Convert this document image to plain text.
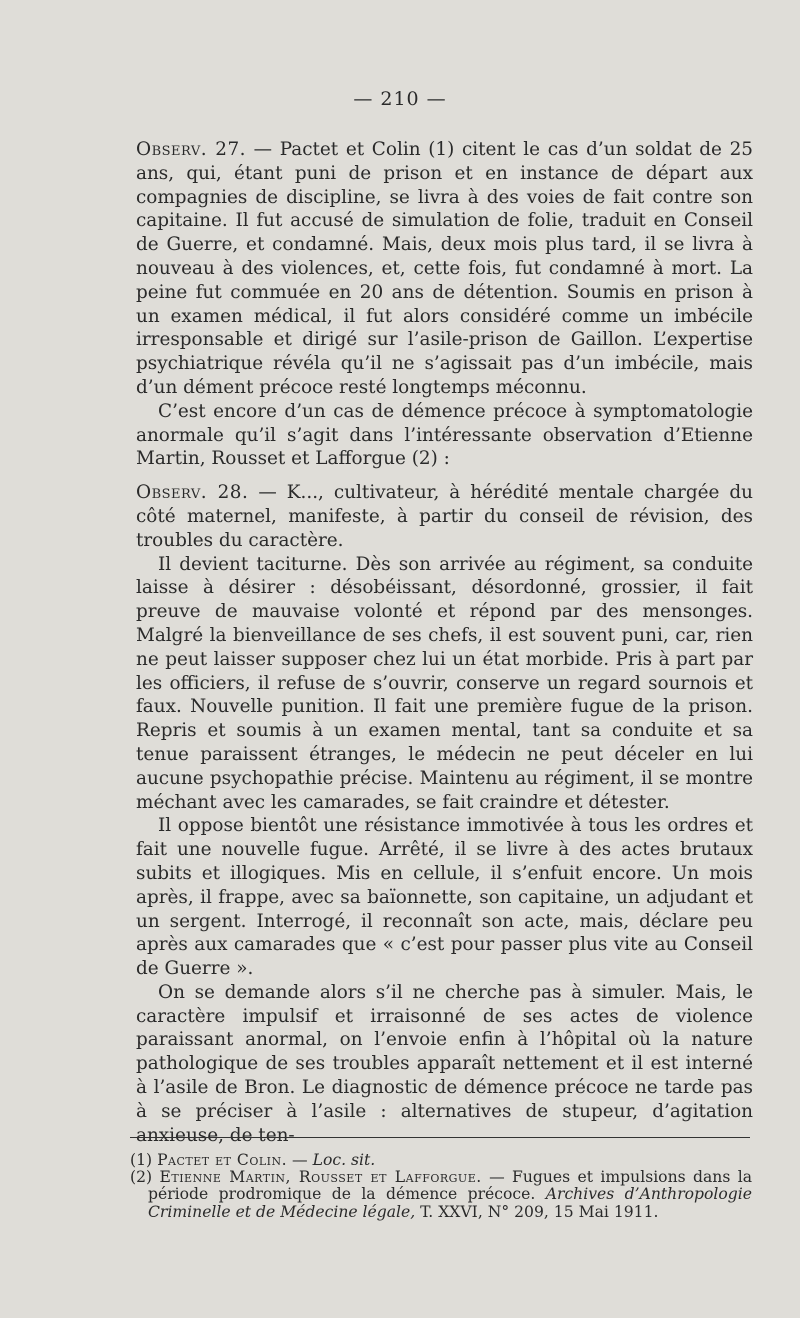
— 210 —

Observ. 27. — Pactet et Colin (1) citent le cas d’un soldat de 25 ans, qui, étant puni de prison et en instance de départ aux compagnies de discipline, se livra à des voies de fait contre son capitaine. Il fut accusé de simulation de folie, traduit en Conseil de Guerre, et condamné. Mais, deux mois plus tard, il se livra à nouveau à des violences, et, cette fois, fut condamné à mort. La peine fut commuée en 20 ans de détention. Soumis en prison à un examen médical, il fut alors considéré comme un imbécile irresponsable et dirigé sur l’asile-prison de Gaillon. L’expertise psychiatrique révéla qu’il ne s’agissait pas d’un imbécile, mais d’un dément précoce resté longtemps méconnu.

C’est encore d’un cas de démence précoce à symptomatologie anormale qu’il s’agit dans l’intéressante observation d’Etienne Martin, Rousset et Lafforgue (2) :

Observ. 28. — K..., cultivateur, à hérédité mentale chargée du côté maternel, manifeste, à partir du conseil de révision, des troubles du caractère.

Il devient taciturne. Dès son arrivée au régiment, sa conduite laisse à désirer : désobéissant, désordonné, grossier, il fait preuve de mauvaise volonté et répond par des mensonges. Malgré la bienveillance de ses chefs, il est souvent puni, car, rien ne peut laisser supposer chez lui un état morbide. Pris à part par les officiers, il refuse de s’ouvrir, conserve un regard sournois et faux. Nouvelle punition. Il fait une première fugue de la prison. Repris et soumis à un examen mental, tant sa conduite et sa tenue paraissent étranges, le médecin ne peut déceler en lui aucune psychopathie précise. Maintenu au régiment, il se montre méchant avec les camarades, se fait craindre et détester.

Il oppose bientôt une résistance immotivée à tous les ordres et fait une nouvelle fugue. Arrêté, il se livre à des actes brutaux subits et illogiques. Mis en cellule, il s’enfuit encore. Un mois après, il frappe, avec sa baïonnette, son capitaine, un adjudant et un sergent. Interrogé, il reconnaît son acte, mais, déclare peu après aux camarades que « c’est pour passer plus vite au Conseil de Guerre ».

On se demande alors s’il ne cherche pas à simuler. Mais, le caractère impulsif et irraisonné de ses actes de violence paraissant anormal, on l’envoie enfin à l’hôpital où la nature pathologique de ses troubles apparaît nettement et il est interné à l’asile de Bron. Le diagnostic de démence précoce ne tarde pas à se préciser à l’asile : alternatives de stupeur, d’agitation anxieuse, de ten-

(1) Pactet et Colin. — Loc. sit.

(2) Etienne Martin, Rousset et Lafforgue. — Fugues et impulsions dans la période prodromique de la démence précoce. Archives d’Anthropologie Criminelle et de Médecine légale, T. XXVI, N° 209, 15 Mai 1911.
